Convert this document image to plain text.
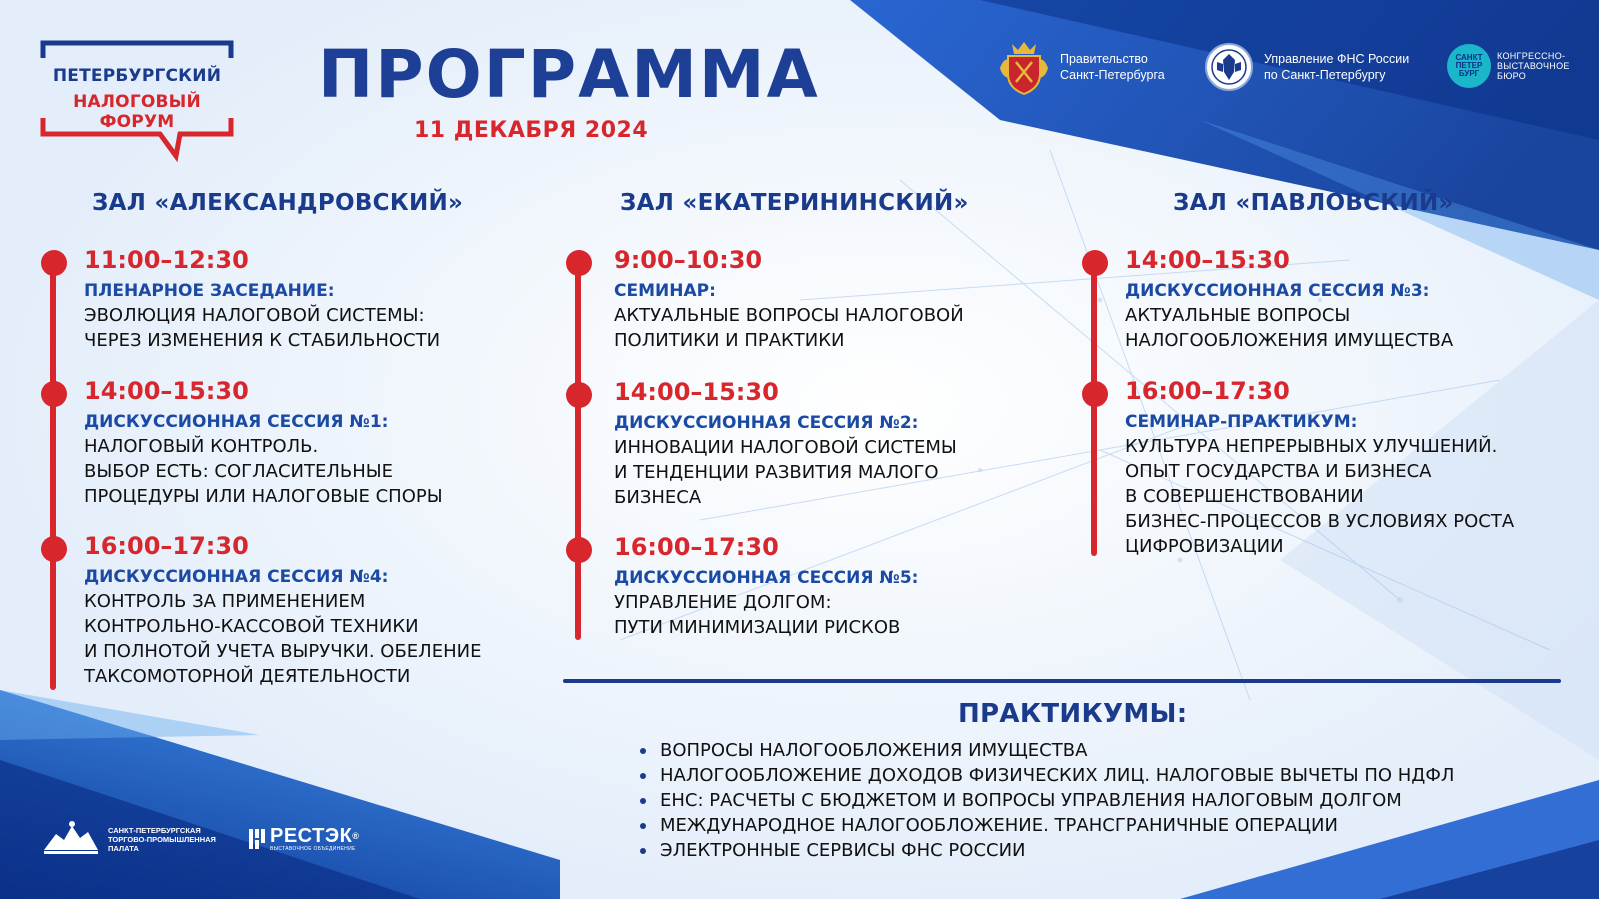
ПЕТЕРБУРГСКИЙ
НАЛОГОВЫЙ ФОРУМ
ПРОГРАММА
11 ДЕКАБРЯ 2024
Правительство
Санкт-Петербурга
Управление ФНС России
по Санкт-Петербургу
САНКТ ПЕТЕР БУРГ
КОНГРЕССНО-
ВЫСТАВОЧНОЕ
БЮРО
ЗАЛ «АЛЕКСАНДРОВСКИЙ»
11:00–12:30
ПЛЕНАРНОЕ ЗАСЕДАНИЕ:
ЭВОЛЮЦИЯ НАЛОГОВОЙ СИСТЕМЫ:
ЧЕРЕЗ ИЗМЕНЕНИЯ К СТАБИЛЬНОСТИ
14:00–15:30
ДИСКУССИОННАЯ СЕССИЯ №1:
НАЛОГОВЫЙ КОНТРОЛЬ.
ВЫБОР ЕСТЬ: СОГЛАСИТЕЛЬНЫЕ
ПРОЦЕДУРЫ ИЛИ НАЛОГОВЫЕ СПОРЫ
16:00–17:30
ДИСКУССИОННАЯ СЕССИЯ №4:
КОНТРОЛЬ ЗА ПРИМЕНЕНИЕМ
КОНТРОЛЬНО-КАССОВОЙ ТЕХНИКИ
И ПОЛНОТОЙ УЧЕТА ВЫРУЧКИ. ОБЕЛЕНИЕ
ТАКСОМОТОРНОЙ ДЕЯТЕЛЬНОСТИ
ЗАЛ «ЕКАТЕРИНИНСКИЙ»
9:00–10:30
СЕМИНАР:
АКТУАЛЬНЫЕ ВОПРОСЫ НАЛОГОВОЙ
ПОЛИТИКИ И ПРАКТИКИ
14:00–15:30
ДИСКУССИОННАЯ СЕССИЯ №2:
ИННОВАЦИИ НАЛОГОВОЙ СИСТЕМЫ
И ТЕНДЕНЦИИ РАЗВИТИЯ МАЛОГО
БИЗНЕСА
16:00–17:30
ДИСКУССИОННАЯ СЕССИЯ №5:
УПРАВЛЕНИЕ ДОЛГОМ:
ПУТИ МИНИМИЗАЦИИ РИСКОВ
ЗАЛ «ПАВЛОВСКИЙ»
14:00–15:30
ДИСКУССИОННАЯ СЕССИЯ №3:
АКТУАЛЬНЫЕ ВОПРОСЫ
НАЛОГООБЛОЖЕНИЯ ИМУЩЕСТВА
16:00–17:30
СЕМИНАР-ПРАКТИКУМ:
КУЛЬТУРА НЕПРЕРЫВНЫХ УЛУЧШЕНИЙ.
ОПЫТ ГОСУДАРСТВА И БИЗНЕСА
В СОВЕРШЕНСТВОВАНИИ
БИЗНЕС-ПРОЦЕССОВ В УСЛОВИЯХ РОСТА
ЦИФРОВИЗАЦИИ
ПРАКТИКУМЫ:
ВОПРОСЫ НАЛОГООБЛОЖЕНИЯ ИМУЩЕСТВА
НАЛОГООБЛОЖЕНИЕ ДОХОДОВ ФИЗИЧЕСКИХ ЛИЦ. НАЛОГОВЫЕ ВЫЧЕТЫ ПО НДФЛ
ЕНС: РАСЧЕТЫ С БЮДЖЕТОМ И ВОПРОСЫ УПРАВЛЕНИЯ НАЛОГОВЫМ ДОЛГОМ
МЕЖДУНАРОДНОЕ НАЛОГООБЛОЖЕНИЕ. ТРАНСГРАНИЧНЫЕ ОПЕРАЦИИ
ЭЛЕКТРОННЫЕ СЕРВИСЫ ФНС РОССИИ
САНКТ-ПЕТЕРБУРГСКАЯ
ТОРГОВО-ПРОМЫШЛЕННАЯ
ПАЛАТА
РЕСТЭК®
ВЫСТАВОЧНОЕ ОБЪЕДИНЕНИЕ
